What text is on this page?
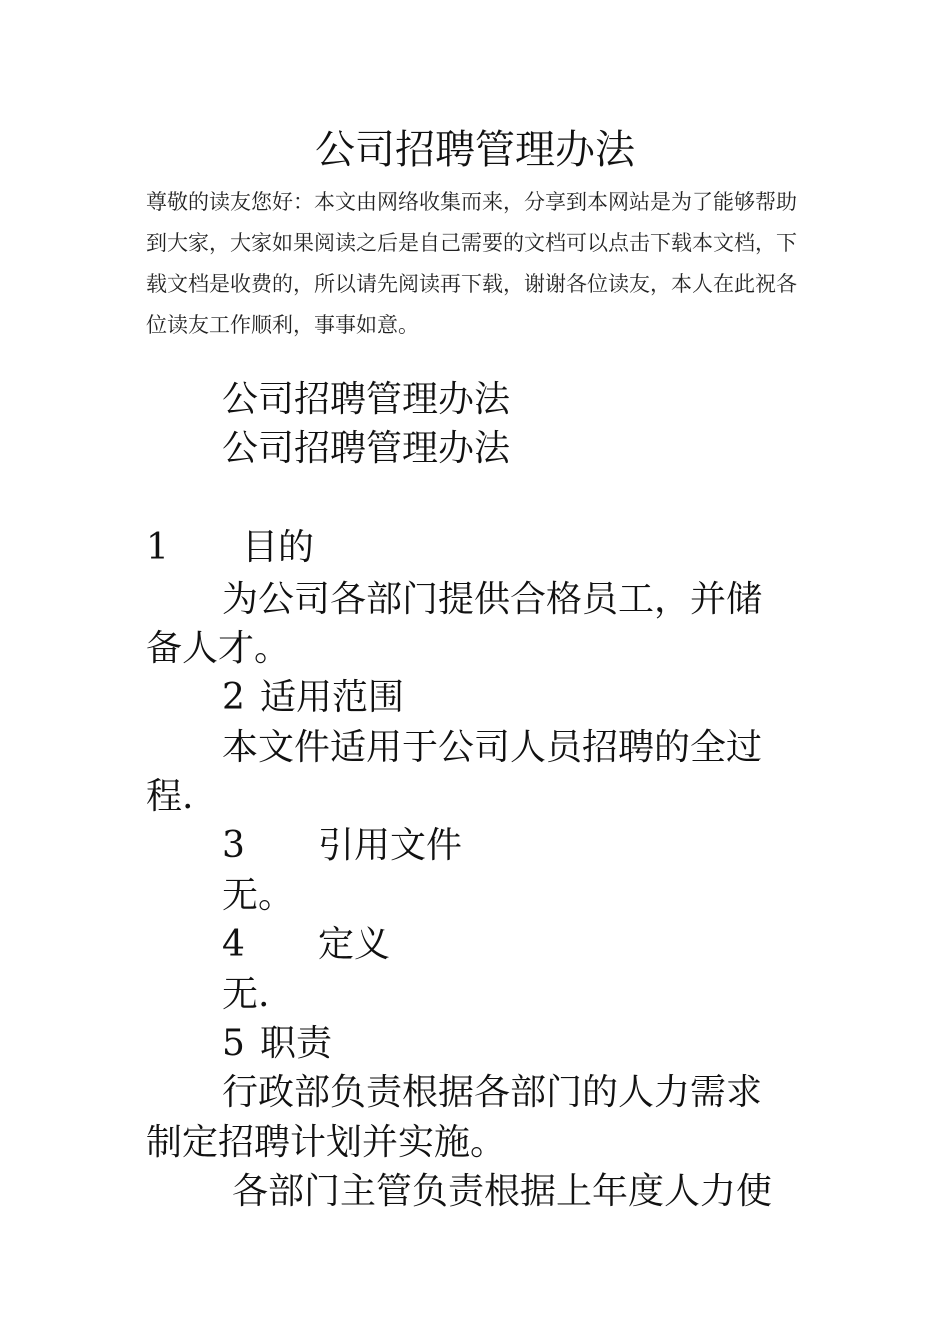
公司招聘管理办法
尊敬的读友您好：本文由网络收集而来，分享到本网站是为了能够帮助到大家，大家如果阅读之后是自己需要的文档可以点击下载本文档，下载文档是收费的，所以请先阅读再下载，谢谢各位读友，本人在此祝各位读友工作顺利，事事如意。
公司招聘管理办法
公司招聘管理办法
1 目的
为公司各部门提供合格员工，并储
备人才。
2 适用范围
本文件适用于公司人员招聘的全过
程.
3 引用文件
无。
4 定义
无.
5 职责
行政部负责根据各部门的人力需求
制定招聘计划并实施。
各部门主管负责根据上年度人力使
